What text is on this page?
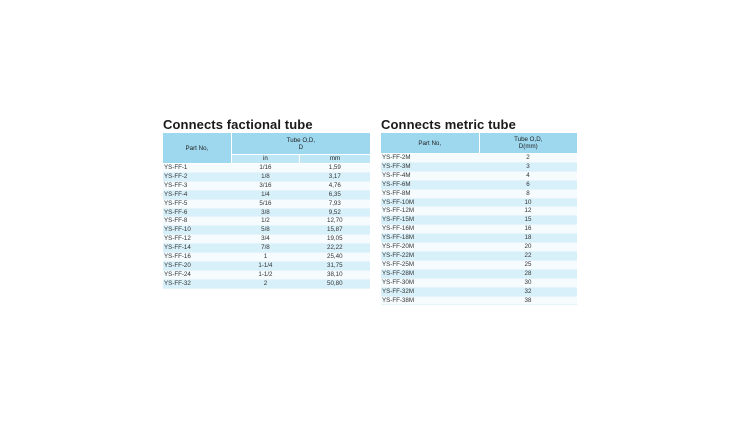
Connects factional tube
Part No,	Tube O,D,
D	
	in	mm
YS-FF-1	1/16	1,59
YS-FF-2	1/8	3,17
YS-FF-3	3/16	4,76
YS-FF-4	1/4	6,35
YS-FF-5	5/16	7,93
YS-FF-6	3/8	9,52
YS-FF-8	1/2	12,70
YS-FF-10	5/8	15,87
YS-FF-12	3/4	19,05
YS-FF-14	7/8	22,22
YS-FF-16	1	25,40
YS-FF-20	1-1/4	31,75
YS-FF-24	1-1/2	38,10
YS-FF-32	2	50,80
Connects metric tube
Part No,	Tube O,D,
D(mm)
YS-FF-2M	2
YS-FF-3M	3
YS-FF-4M	4
YS-FF-6M	6
YS-FF-8M	8
YS-FF-10M	10
YS-FF-12M	12
YS-FF-15M	15
YS-FF-16M	16
YS-FF-18M	18
YS-FF-20M	20
YS-FF-22M	22
YS-FF-25M	25
YS-FF-28M	28
YS-FF-30M	30
YS-FF-32M	32
YS-FF-38M	38
